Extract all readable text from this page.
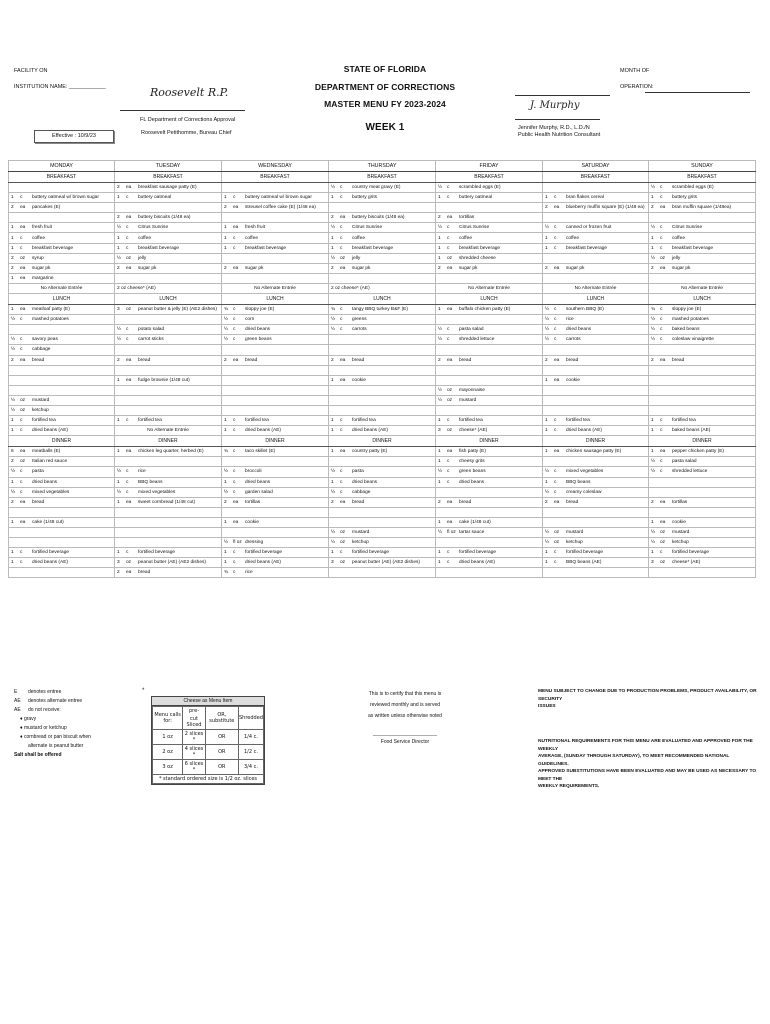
FACILITY ON
INSTITUTION NAME: ____________	Roosevelt R.P.
FL Department of Corrections Approval
Roosevelt Petithomme, Bureau Chief
Effective : 10/9/23
STATE OF FLORIDA
DEPARTMENT OF CORRECTIONS
MASTER MENU FY 2023-2024
WEEK 1
MONTH OF
OPERATION:
J. Murphy
Jennifer Murphy, R.D., L.D./N
Public Health Nutrition Consultant
MONDAY	TUESDAY	WEDNESDAY	THURSDAY	FRIDAY	SATURDAY	SUNDAY
BREAKFAST	BREAKFAST	BREAKFAST	BREAKFAST	BREAKFAST	BREAKFAST	BREAKFAST
	2 ea breakfast sausage patty (E)		½ c country meat gravy (E)	½ c scrambled eggs (E)		½ c scrambled eggs (E)
1 c buttery oatmeal w/ brown sugar	1 c buttery oatmeal	1 c buttery oatmeal w/ brown sugar	1 c buttery grits	1 c buttery oatmeal	1 c bran flakes cereal	1 c buttery grits
2 ea pancakes (E)		2 ea streusel coffee cake (E) (1/48 ea)			2 ea blueberry muffin square (E) (1/48 ea)	2 ea bran muffin square (1/48ea)
	2 ea buttery biscuits (1/48 ea)		2 ea buttery biscuits (1/48 ea)	2 ea tortillas		
1 ea fresh fruit	½ c Citrus Sunrise	1 ea fresh fruit	½ c Citrus Sunrise	½ c Citrus Sunrise	½ c canned or frozen fruit	½ c Citrus Sunrise
1 c coffee	1 c coffee	1 c coffee	1 c coffee	1 c coffee	1 c coffee	1 c coffee
1 c breakfast beverage	1 c breakfast beverage	1 c breakfast beverage	1 c breakfast beverage	1 c breakfast beverage	1 c breakfast beverage	1 c breakfast beverage
2 oz syrup	½ oz jelly		½ oz jelly	1 oz shredded cheese		½ oz jelly
2 ea sugar pk	2 ea sugar pk	2 ea sugar pk	2 ea sugar pk	2 ea sugar pk	2 ea sugar pk	2 ea sugar pk
1 ea margarine						
No Alternate Entrée	2 oz cheese* (AE)	No Alternate Entrée	2 oz cheese* (AE)	No Alternate Entrée	No Alternate Entrée	No Alternate Entrée
LUNCH	LUNCH	LUNCH	LUNCH	LUNCH	LUNCH	LUNCH
1 ea meatloaf patty (E)	3 oz peanut butter & jelly (E) (AE2 dishes)	¾ c sloppy joe (E)	¾ c tangy BBQ turkey B&F (E)	1 ea buffalo chicken patty (E)	½ c southern BBQ (E)	¾ c sloppy joe (E)
½ c mashed potatoes		½ c corn	½ c greens		½ c rice	½ c mashed potatoes
	½ c potato salad	½ c dried beans	½ c carrots	½ c pasta salad	½ c dried beans	½ c baked beans
½ c savory peas	½ c carrot sticks	½ c green beans		½ c shredded lettuce	½ c carrots	½ c coleslaw vinaigrette
½ c cabbage						
2 ea bread	2 ea bread	2 ea bread	2 ea bread	2 ea bread	2 ea bread	2 ea bread

	1 ea fudge brownie (1/48 cut)		1 ea cookie		1 ea cookie	
				½ oz mayonnaise		
½ oz mustard				½ oz mustard		
½ oz ketchup						
1 c fortified tea	1 c fortified tea	1 c fortified tea	1 c fortified tea	1 c fortified tea	1 c fortified tea	1 c fortified tea
1 c dried beans (AE)	No Alternate Entrée	1 c dried beans (AE)	1 c dried beans (AE)	3 oz cheese* (AE)	1 c dried beans (AE)	1 c baked beans (AE)
DINNER	DINNER	DINNER	DINNER	DINNER	DINNER	DINNER
6 ea meatballs (E)	1 ea chicken leg quarter, herbed (E)	¾ c taco skillet (E)	1 ea country patty (E)	1 ea fish patty (E)	1 ea chicken sausage patty (E)	1 ea pepper chicken patty (E)
2 oz Italian red sauce				1 c cheesy grits		½ c pasta salad
½ c pasta	½ c rice	½ c broccoli	½ c pasta	½ c green beans	½ c mixed vegetables	½ c shredded lettuce
1 c dried beans	1 c BBQ beans	1 c dried beans	1 c dried beans	1 c dried beans	1 c BBQ beans	
½ c mixed vegetables	½ c mixed vegetables	½ c garden salad	½ c cabbage		½ c creamy coleslaw	
2 ea bread	1 ea sweet cornbread (1/48 cut)	2 ea tortillas	2 ea bread	2 ea bread	2 ea bread	2 ea tortillas

1 ea cake (1/48 cut)		1 ea cookie		1 ea cake (1/48 cut)		1 ea cookie
			½ oz mustard	½ fl oz tartar sauce	½ oz mustard	½ oz mustard
		½ fl oz dressing	½ oz ketchup		½ oz ketchup	½ oz ketchup
1 c fortified beverage	1 c fortified beverage	1 c fortified beverage	1 c fortified beverage	1 c fortified beverage	1 c fortified beverage	1 c fortified beverage
1 c dried beans (AE)	3 oz peanut butter (AE) (AE2 dishes)	1 c dried beans (AE)	3 oz peanut butter (AE) (AE2 dishes)	1 c dried beans (AE)	1 c BBQ beans (AE)	3 oz cheese* (AE)
	2 ea bread	¾ c rice				
E denotes entree
AE denotes alternate entree
AE do not receive:
♦ gravy
♦ mustard or ketchup
♦ cornbread or pan biscuit when
alternate is peanut butter
Salt shall be offered
*
Cheese as Menu Item
Menu calls for:	pre-	OR, substitute	Shredded
	cut Sliced		
1 oz	2 slices *	OR	1/4 c.
2 oz	4 slices *	OR	1/2 c.
3 oz	6 slices *	OR	3/4 c.
* standard ordered size is 1/2 oz. slices			
This is to certify that this menu is
reviewed monthly and is served
as written unless otherwise noted
_______________________
Food Service Director
MENU SUBJECT TO CHANGE DUE TO PRODUCTION PROBLEMS, PRODUCT AVAILABILITY, OR SECURITY
ISSUES
NUTRITIONAL REQUIREMENTS FOR THIS MENU ARE EVALUATED AND APPROVED FOR THE WEEKLY
AVERAGE, (SUNDAY THROUGH SATURDAY), TO MEET RECOMMENDED NATIONAL GUIDELINES.
APPROVED SUBSTITUTIONS HAVE BEEN EVALUATED AND MAY BE USED AS NECESSARY TO MEET THE
WEEKLY REQUIREMENTS.
